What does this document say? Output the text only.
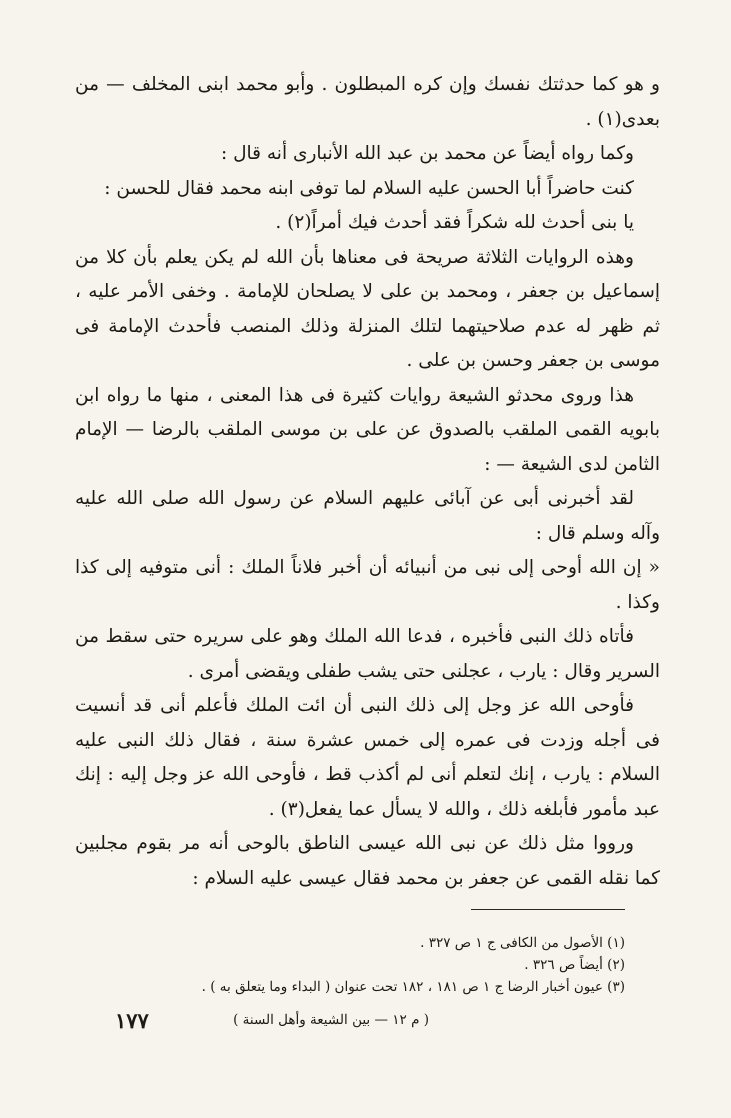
و هو كما حدثتك نفسك وإن كره المبطلون . وأبو محمد ابنى المخلف — من بعدى(١) .

وكما رواه أيضاً عن محمد بن عبد الله الأنبارى أنه قال :

كنت حاضراً أبا الحسن عليه السلام لما توفى ابنه محمد فقال للحسن :

يا بنى أحدث لله شكراً فقد أحدث فيك أمراً(٢) .

وهذه الروايات الثلاثة صريحة فى معناها بأن الله لم يكن يعلم بأن كلا من إسماعيل بن جعفر ، ومحمد بن على لا يصلحان للإمامة . وخفى الأمر عليه ، ثم ظهر له عدم صلاحيتهما لتلك المنزلة وذلك المنصب فأحدث الإمامة فى موسى بن جعفر وحسن بن على .

هذا وروى محدثو الشيعة روايات كثيرة فى هذا المعنى ، منها ما رواه ابن بابويه القمى الملقب بالصدوق عن على بن موسى الملقب بالرضا — الإمام الثامن لدى الشيعة — :

لقد أخبرنى أبى عن آبائى عليهم السلام عن رسول الله صلى الله عليه وآله وسلم قال :

« إن الله أوحى إلى نبى من أنبيائه أن أخبر فلاناً الملك : أنى متوفيه إلى كذا وكذا .

فأتاه ذلك النبى فأخبره ، فدعا الله الملك وهو على سريره حتى سقط من السرير وقال : يارب ، عجلنى حتى يشب طفلى ويقضى أمرى .

فأوحى الله عز وجل إلى ذلك النبى أن ائت الملك فأعلم أنى قد أنسيت فى أجله وزدت فى عمره إلى خمس عشرة سنة ، فقال ذلك النبى عليه السلام : يارب ، إنك لتعلم أنى لم أكذب قط ، فأوحى الله عز وجل إليه : إنك عبد مأمور فأبلغه ذلك ، والله لا يسأل عما يفعل(٣) .

ورووا مثل ذلك عن نبى الله عيسى الناطق بالوحى أنه مر بقوم مجلبين كما نقله القمى عن جعفر بن محمد فقال عيسى عليه السلام :

(١) الأصول من الكافى ج ١ ص ٣٢٧ .
(٢) أيضاً ص ٣٢٦ .
(٣) عيون أخبار الرضا ج ١ ص ١٨١ ، ١٨٢ تحت عنوان ( البداء وما يتعلق به ) .
( م ١٢ — بين الشيعة وأهل السنة )
١٧٧
